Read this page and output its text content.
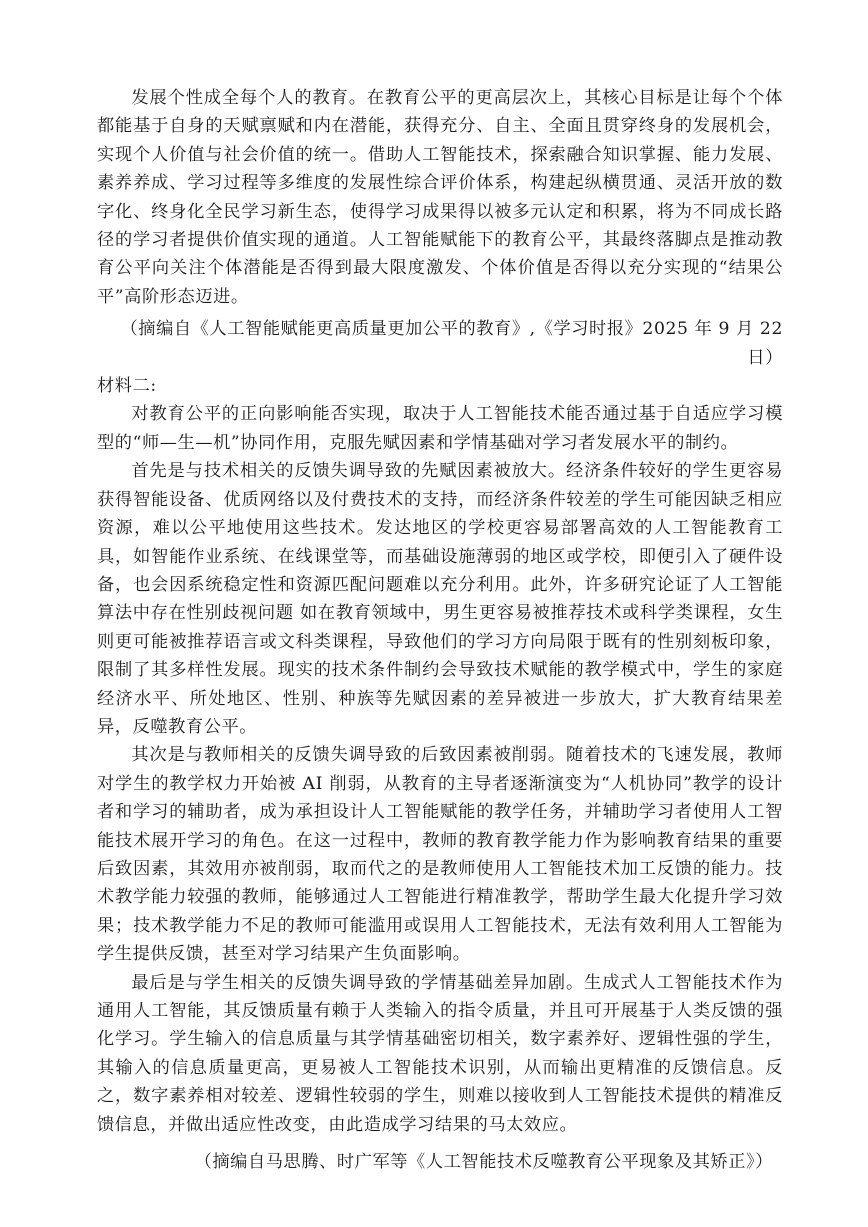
发展个性成全每个人的教育。在教育公平的更高层次上，其核心目标是让每个个体都能基于自身的天赋禀赋和内在潜能，获得充分、自主、全面且贯穿终身的发展机会，实现个人价值与社会价值的统一。借助人工智能技术，探索融合知识掌握、能力发展、素养养成、学习过程等多维度的发展性综合评价体系，构建起纵横贯通、灵活开放的数字化、终身化全民学习新生态，使得学习成果得以被多元认定和积累，将为不同成长路径的学习者提供价值实现的通道。人工智能赋能下的教育公平，其最终落脚点是推动教育公平向关注个体潜能是否得到最大限度激发、个体价值是否得以充分实现的“结果公平”高阶形态迈进。

（摘编自《人工智能赋能更高质量更加公平的教育》,《学习时报》2025 年 9 月 22 日）

材料二:

对教育公平的正向影响能否实现，取决于人工智能技术能否通过基于自适应学习模型的“师—生—机”协同作用，克服先赋因素和学情基础对学习者发展水平的制约。

首先是与技术相关的反馈失调导致的先赋因素被放大。经济条件较好的学生更容易获得智能设备、优质网络以及付费技术的支持，而经济条件较差的学生可能因缺乏相应资源，难以公平地使用这些技术。发达地区的学校更容易部署高效的人工智能教育工具，如智能作业系统、在线课堂等，而基础设施薄弱的地区或学校，即便引入了硬件设备，也会因系统稳定性和资源匹配问题难以充分利用。此外，许多研究论证了人工智能算法中存在性别歧视问题 如在教育领域中，男生更容易被推荐技术或科学类课程，女生则更可能被推荐语言或文科类课程，导致他们的学习方向局限于既有的性别刻板印象，限制了其多样性发展。现实的技术条件制约会导致技术赋能的教学模式中，学生的家庭经济水平、所处地区、性别、种族等先赋因素的差异被进一步放大，扩大教育结果差异，反噬教育公平。

其次是与教师相关的反馈失调导致的后致因素被削弱。随着技术的飞速发展，教师对学生的教学权力开始被 AI 削弱，从教育的主导者逐渐演变为“人机协同”教学的设计者和学习的辅助者，成为承担设计人工智能赋能的教学任务，并辅助学习者使用人工智能技术展开学习的角色。在这一过程中，教师的教育教学能力作为影响教育结果的重要后致因素，其效用亦被削弱，取而代之的是教师使用人工智能技术加工反馈的能力。技术教学能力较强的教师，能够通过人工智能进行精准教学，帮助学生最大化提升学习效果；技术教学能力不足的教师可能滥用或误用人工智能技术，无法有效利用人工智能为学生提供反馈，甚至对学习结果产生负面影响。

最后是与学生相关的反馈失调导致的学情基础差异加剧。生成式人工智能技术作为通用人工智能，其反馈质量有赖于人类输入的指令质量，并且可开展基于人类反馈的强化学习。学生输入的信息质量与其学情基础密切相关，数字素养好、逻辑性强的学生，其输入的信息质量更高，更易被人工智能技术识别，从而输出更精准的反馈信息。反之，数字素养相对较差、逻辑性较弱的学生，则难以接收到人工智能技术提供的精准反馈信息，并做出适应性改变，由此造成学习结果的马太效应。

（摘编自马思腾、时广军等《人工智能技术反噬教育公平现象及其矫正》）
